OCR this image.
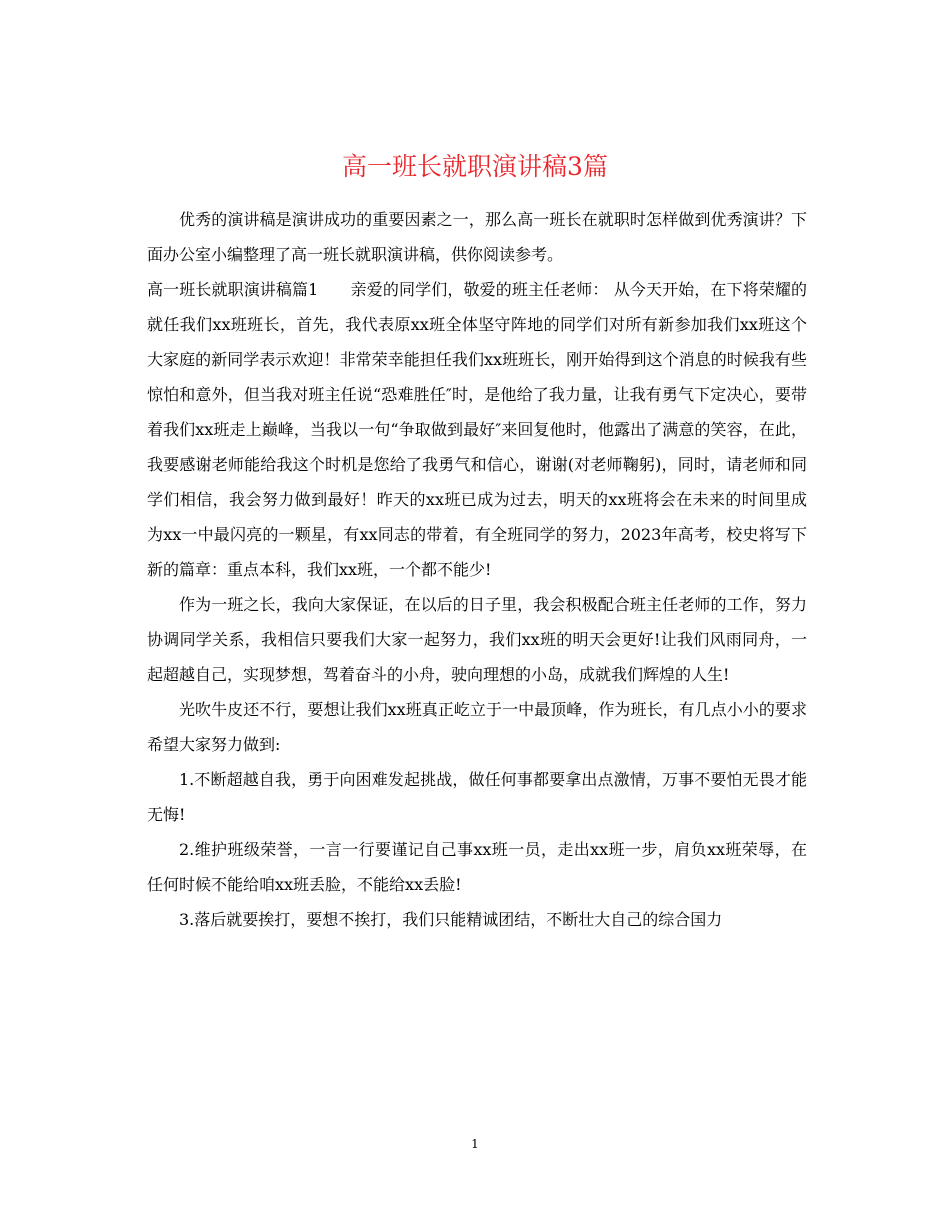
高一班长就职演讲稿3篇

优秀的演讲稿是演讲成功的重要因素之一，那么高一班长在就职时怎样做到优秀演讲？下面办公室小编整理了高一班长就职演讲稿，供你阅读参考。

高一班长就职演讲稿篇1　　亲爱的同学们，敬爱的班主任老师： 从今天开始，在下将荣耀的就任我们xx班班长，首先，我代表原xx班全体坚守阵地的同学们对所有新参加我们xx班这个大家庭的新同学表示欢迎！非常荣幸能担任我们xx班班长，刚开始得到这个消息的时候我有些惊怕和意外，但当我对班主任说“恐难胜任″时，是他给了我力量，让我有勇气下定决心，要带着我们xx班走上巅峰，当我以一句“争取做到最好″来回复他时，他露出了满意的笑容，在此，我要感谢老师能给我这个时机是您给了我勇气和信心，谢谢(对老师鞠躬)，同时，请老师和同学们相信，我会努力做到最好！昨天的xx班已成为过去，明天的xx班将会在未来的时间里成为xx一中最闪亮的一颗星，有xx同志的带着，有全班同学的努力，2023年高考，校史将写下新的篇章：重点本科，我们xx班，一个都不能少!

作为一班之长，我向大家保证，在以后的日子里，我会积极配合班主任老师的工作，努力协调同学关系，我相信只要我们大家一起努力，我们xx班的明天会更好!让我们风雨同舟，一起超越自己，实现梦想，驾着奋斗的小舟，驶向理想的小岛，成就我们辉煌的人生!

光吹牛皮还不行，要想让我们xx班真正屹立于一中最顶峰，作为班长，有几点小小的要求希望大家努力做到:

1.不断超越自我，勇于向困难发起挑战，做任何事都要拿出点激情，万事不要怕无畏才能无悔!

2.维护班级荣誉，一言一行要谨记自己事xx班一员，走出xx班一步，肩负xx班荣辱，在任何时候不能给咱xx班丢脸，不能给xx丢脸!

3.落后就要挨打，要想不挨打，我们只能精诚团结，不断壮大自己的综合国力

1
